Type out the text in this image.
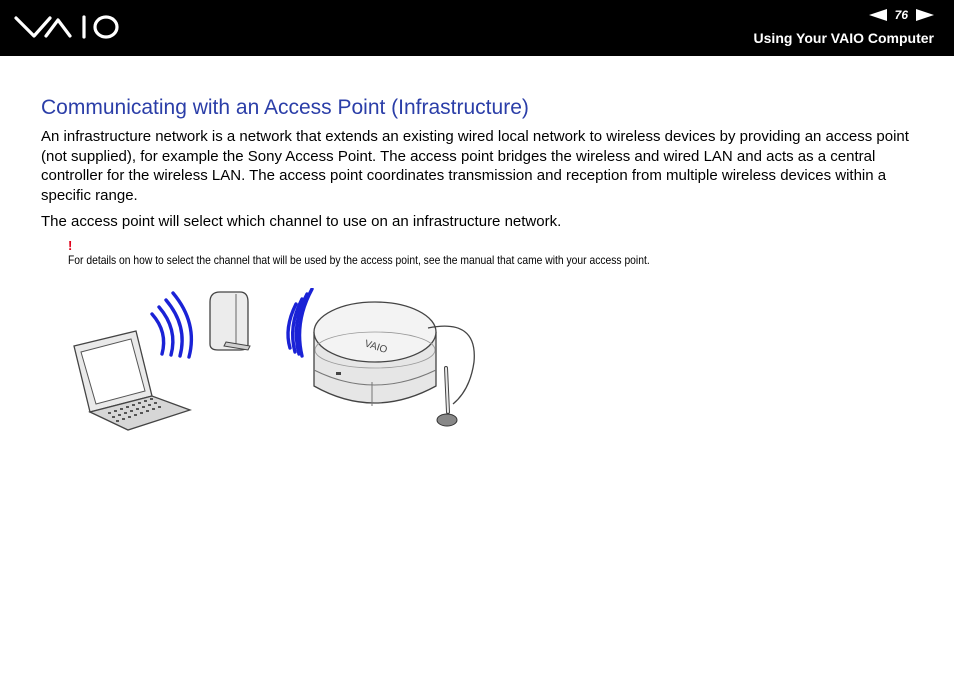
76
Using Your VAIO Computer
Communicating with an Access Point (Infrastructure)

An infrastructure network is a network that extends an existing wired local network to wireless devices by providing an access point (not supplied), for example the Sony Access Point. The access point bridges the wireless and wired LAN and acts as a central controller for the wireless LAN. The access point coordinates transmission and reception from multiple wireless devices within a specific range.

The access point will select which channel to use on an infrastructure network.

!
For details on how to select the channel that will be used by the access point, see the manual that came with your access point.
VAIO
